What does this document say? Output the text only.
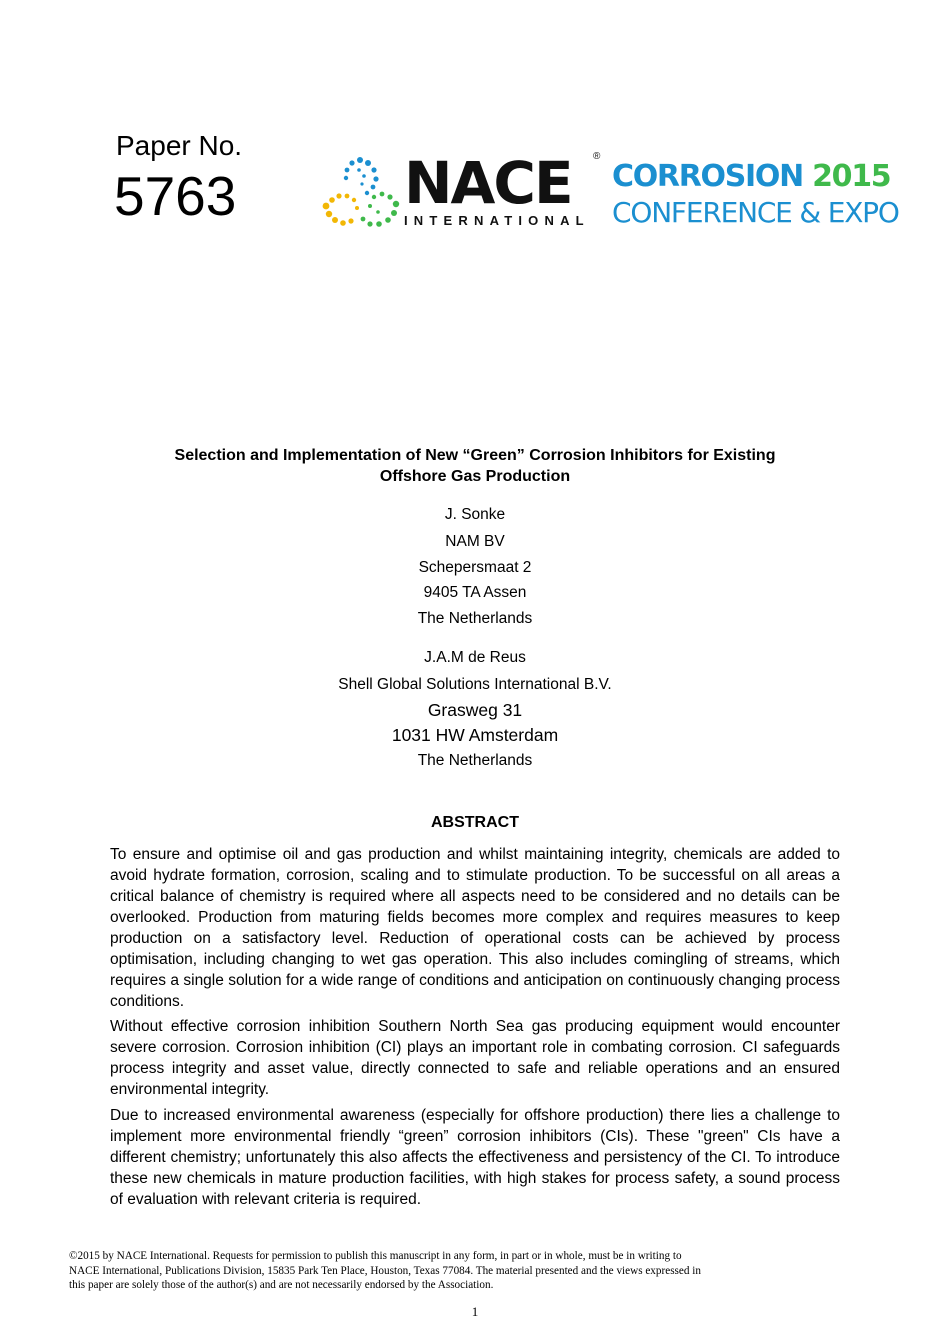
Paper No.
5763	NACE ®
INTERNATIONAL
CORROSION 2015
CONFERENCE & EXPO
Selection and Implementation of New “Green” Corrosion Inhibitors for Existing
Offshore Gas Production
J. Sonke
NAM BV
Schepersmaat 2
9405 TA Assen
The Netherlands
J.A.M de Reus
Shell Global Solutions International B.V.
Grasweg 31
1031 HW Amsterdam
The Netherlands
ABSTRACT

To ensure and optimise oil and gas production and whilst maintaining integrity, chemicals are added to avoid hydrate formation, corrosion, scaling and to stimulate production. To be successful on all areas a critical balance of chemistry is required where all aspects need to be considered and no details can be overlooked. Production from maturing fields becomes more complex and requires measures to keep production on a satisfactory level. Reduction of operational costs can be achieved by process optimisation, including changing to wet gas operation. This also includes comingling of streams, which requires a single solution for a wide range of conditions and anticipation on continuously changing process conditions.

Without effective corrosion inhibition Southern North Sea gas producing equipment would encounter severe corrosion. Corrosion inhibition (CI) plays an important role in combating corrosion. CI safeguards process integrity and asset value, directly connected to safe and reliable operations and an ensured environmental integrity.

Due to increased environmental awareness (especially for offshore production) there lies a challenge to implement more environmental friendly “green” corrosion inhibitors (CIs). These "green" CIs have a different chemistry; unfortunately this also affects the effectiveness and persistency of the CI. To introduce these new chemicals in mature production facilities, with high stakes for process safety, a sound process of evaluation with relevant criteria is required.

©2015 by NACE International. Requests for permission to publish this manuscript in any form, in part or in whole, must be in writing to
NACE International, Publications Division, 15835 Park Ten Place, Houston, Texas 77084. The material presented and the views expressed in
this paper are solely those of the author(s) and are not necessarily endorsed by the Association.
1
